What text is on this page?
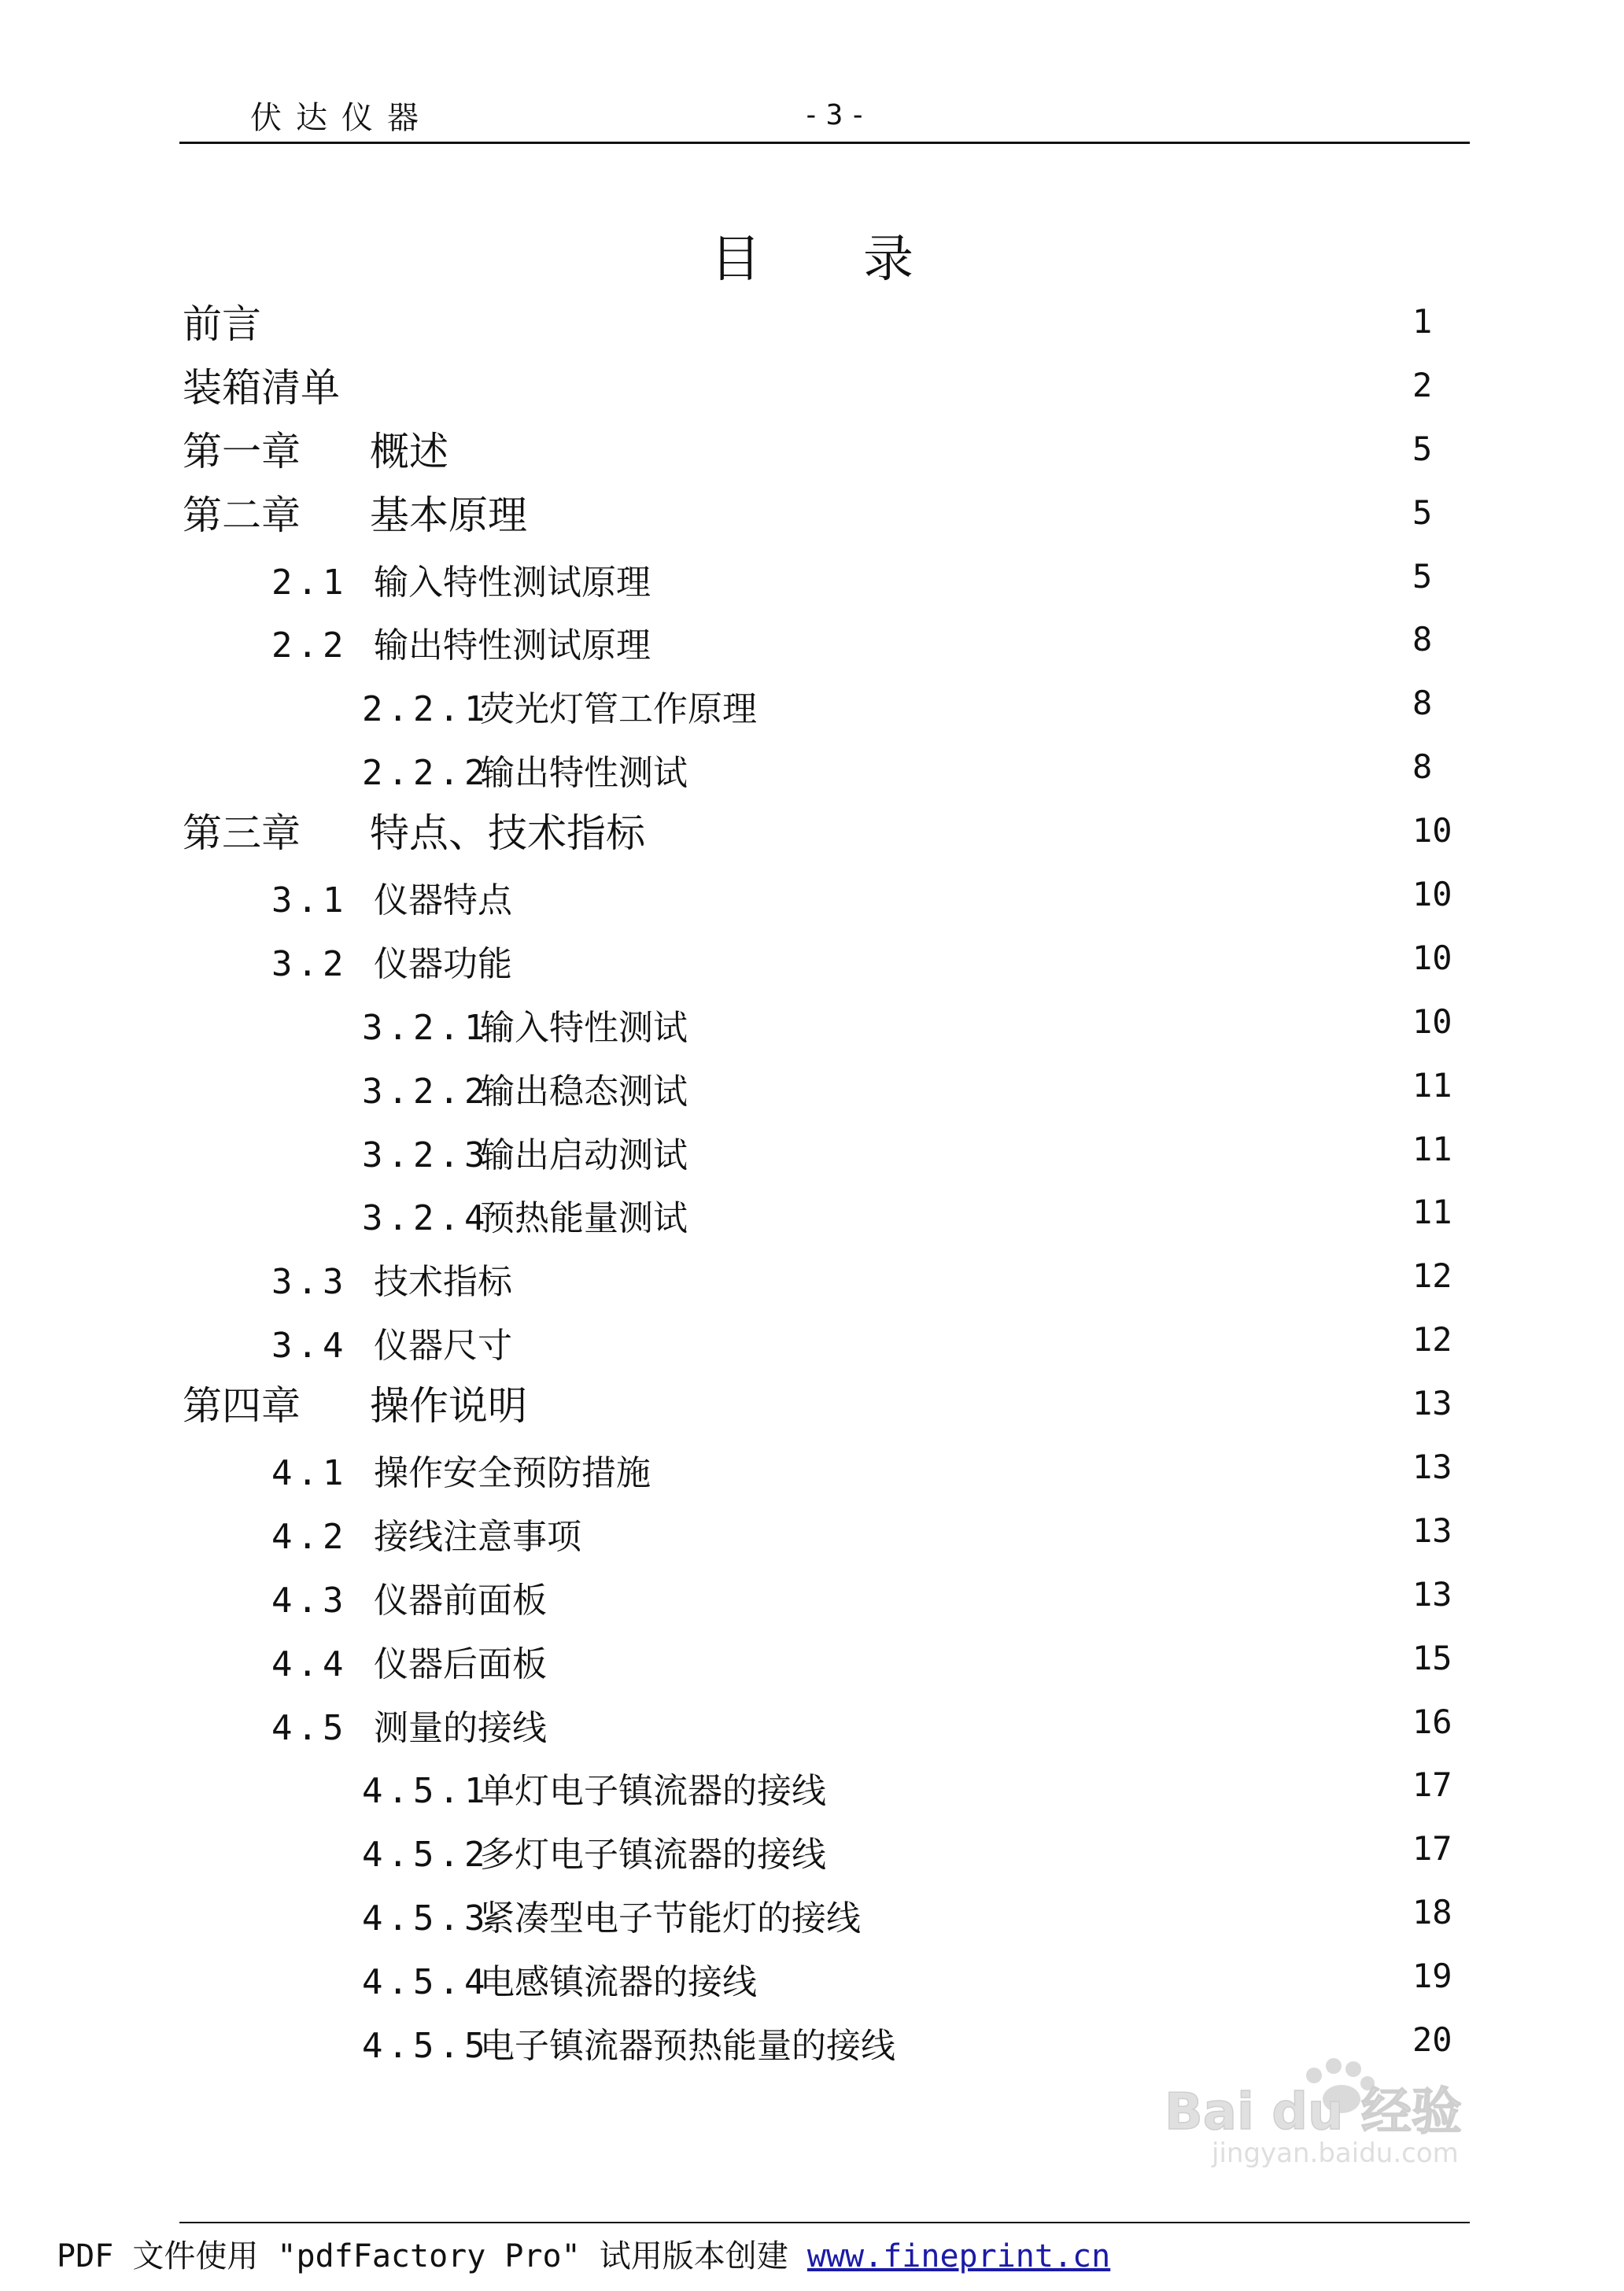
伏达仪器	-3-
目录
前言	1
装箱清单	2
第一章 概述	5
第二章 基本原理	5
2.1 输入特性测试原理	5
2.2 输出特性测试原理	8
2.2.1荧光灯管工作原理	8
2.2.2输出特性测试	8
第三章 特点、技术指标	10
3.1 仪器特点	10
3.2 仪器功能	10
3.2.1输入特性测试	10
3.2.2输出稳态测试	11
3.2.3输出启动测试	11
3.2.4预热能量测试	11
3.3 技术指标	12
3.4 仪器尺寸	12
第四章 操作说明	13
4.1 操作安全预防措施	13
4.2 接线注意事项	13
4.3 仪器前面板	13
4.4 仪器后面板	15
4.5 测量的接线	16
4.5.1单灯电子镇流器的接线	17
4.5.2多灯电子镇流器的接线	17
4.5.3紧凑型电子节能灯的接线	18
4.5.4电感镇流器的接线	19
4.5.5电子镇流器预热能量的接线	20
Bai du 经验
jingyan.baidu.com
PDF 文件使用 "pdfFactory Pro" 试用版本创建 www.fineprint.cn
